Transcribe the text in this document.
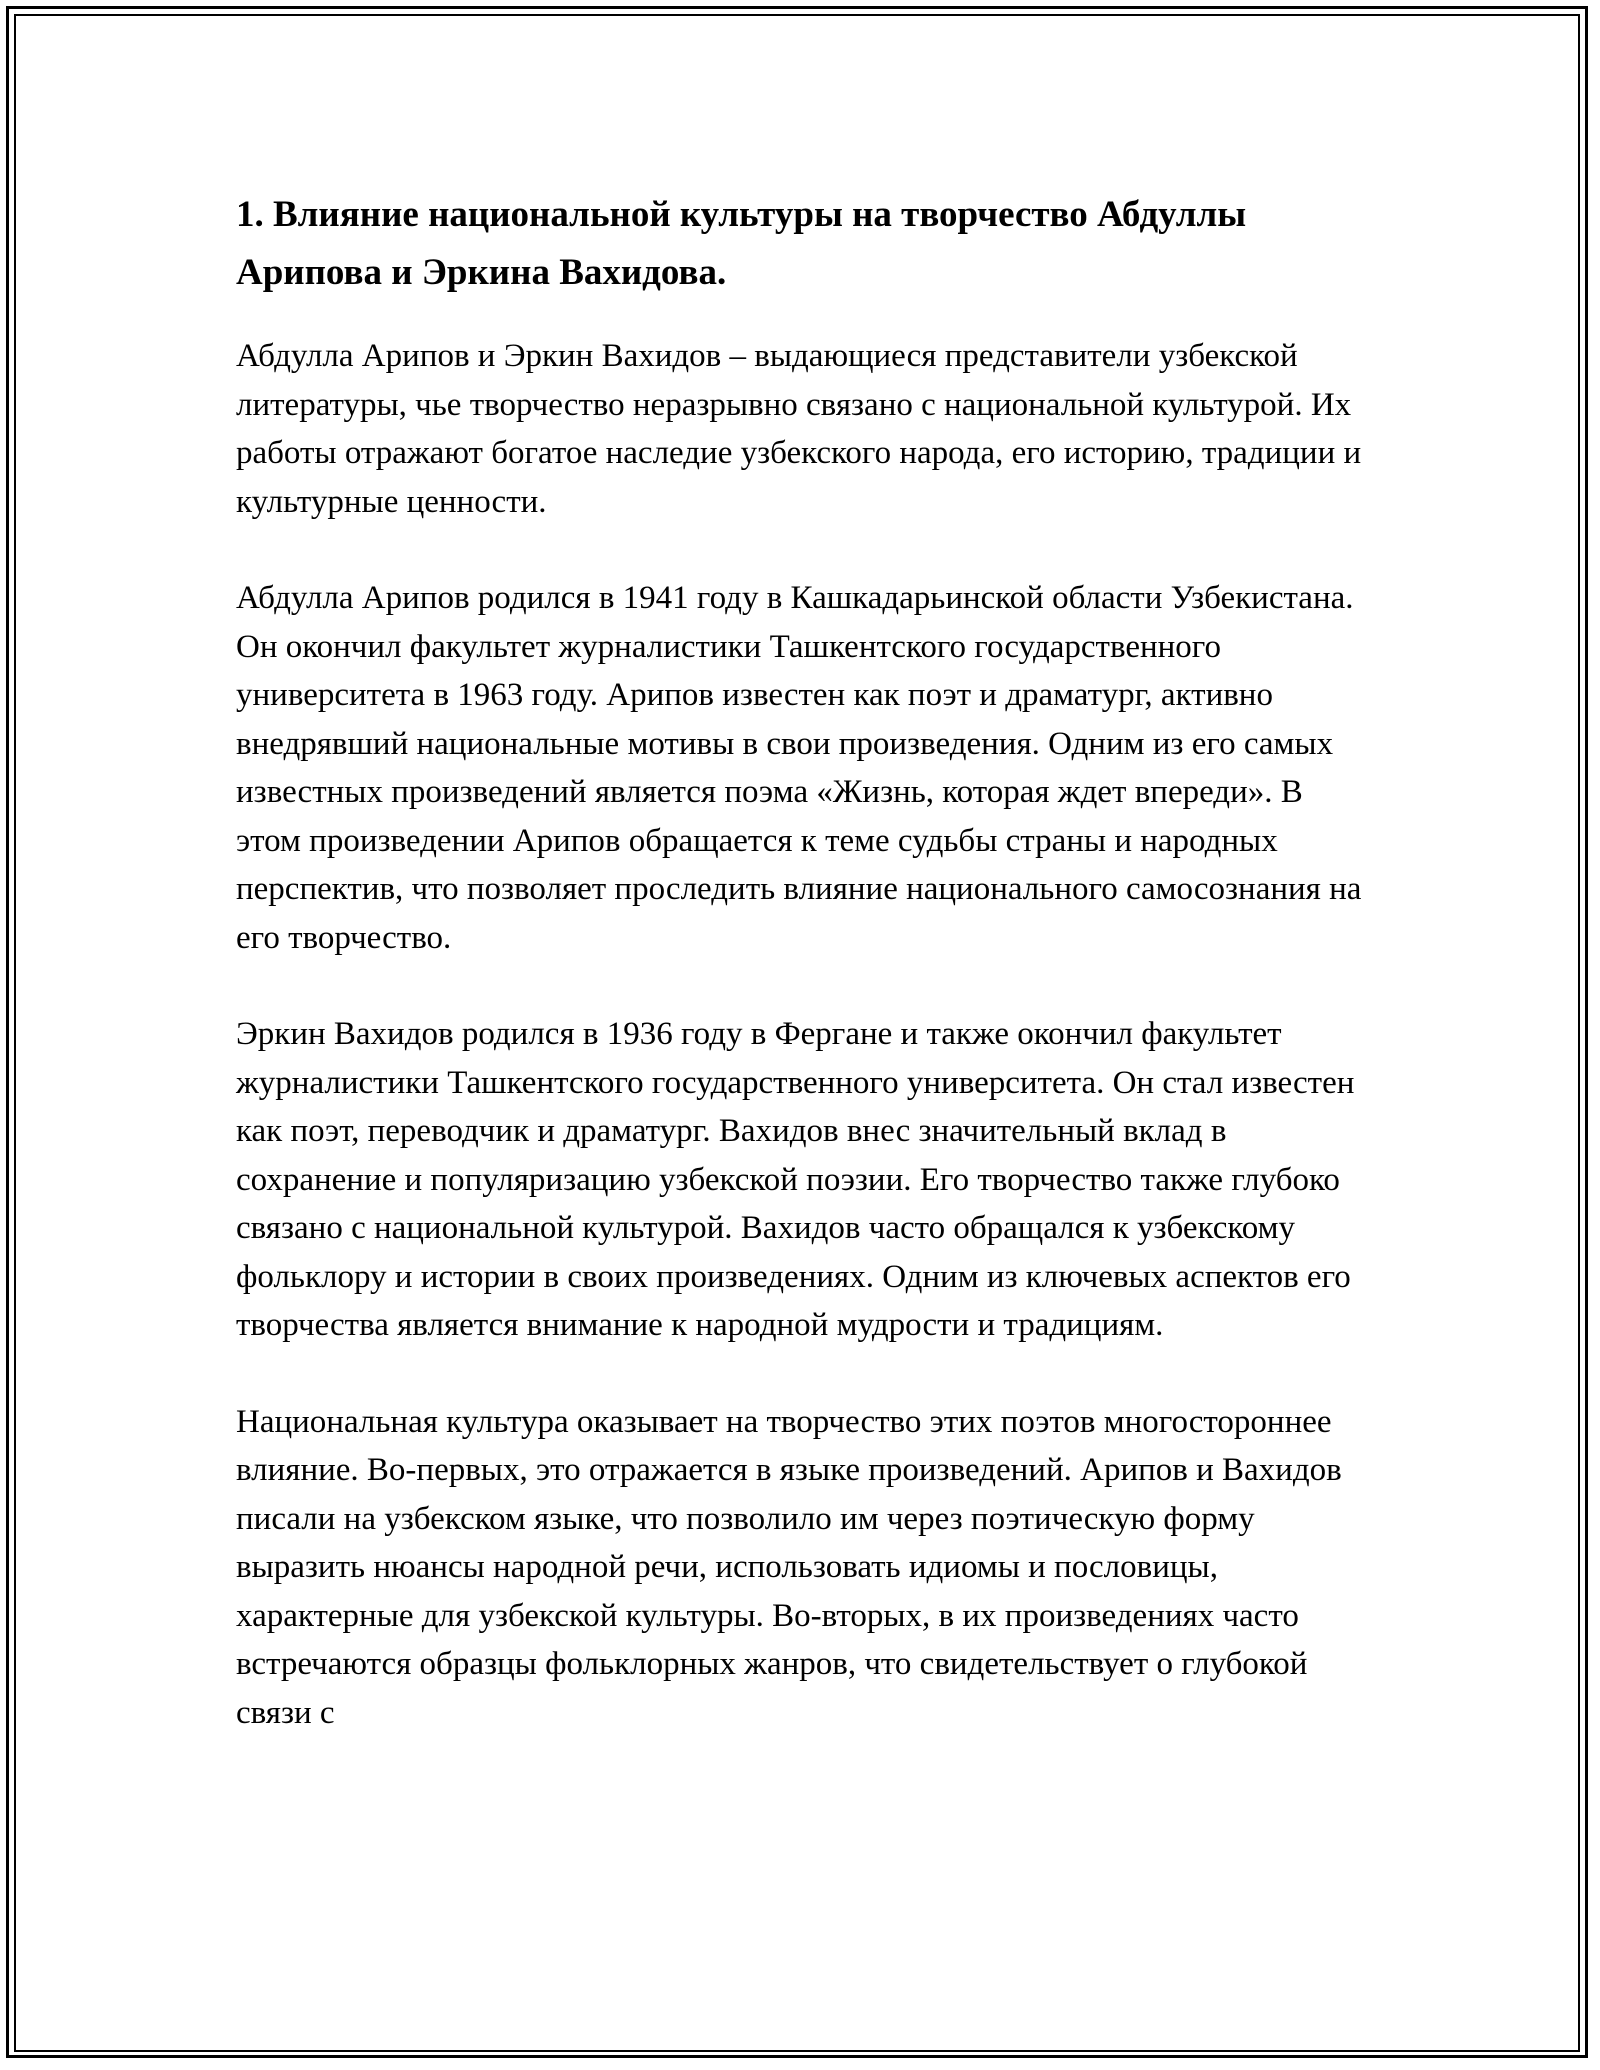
1. Влияние национальной культуры на творчество Абдуллы Арипова и Эркина Вахидова.

Абдулла Арипов и Эркин Вахидов – выдающиеся представители узбекской литературы, чье творчество неразрывно связано с национальной культурой. Их работы отражают богатое наследие узбекского народа, его историю, традиции и культурные ценности.

Абдулла Арипов родился в 1941 году в Кашкадарьинской области Узбекистана. Он окончил факультет журналистики Ташкентского государственного университета в 1963 году. Арипов известен как поэт и драматург, активно внедрявший национальные мотивы в свои произведения. Одним из его самых известных произведений является поэма «Жизнь, которая ждет впереди». В этом произведении Арипов обращается к теме судьбы страны и народных перспектив, что позволяет проследить влияние национального самосознания на его творчество.

Эркин Вахидов родился в 1936 году в Фергане и также окончил факультет журналистики Ташкентского государственного университета. Он стал известен как поэт, переводчик и драматург. Вахидов внес значительный вклад в сохранение и популяризацию узбекской поэзии. Его творчество также глубоко связано с национальной культурой. Вахидов часто обращался к узбекскому фольклору и истории в своих произведениях. Одним из ключевых аспектов его творчества является внимание к народной мудрости и традициям.

Национальная культура оказывает на творчество этих поэтов многостороннее влияние. Во-первых, это отражается в языке произведений. Арипов и Вахидов писали на узбекском языке, что позволило им через поэтическую форму выразить нюансы народной речи, использовать идиомы и пословицы, характерные для узбекской культуры. Во-вторых, в их произведениях часто встречаются образцы фольклорных жанров, что свидетельствует о глубокой связи с
